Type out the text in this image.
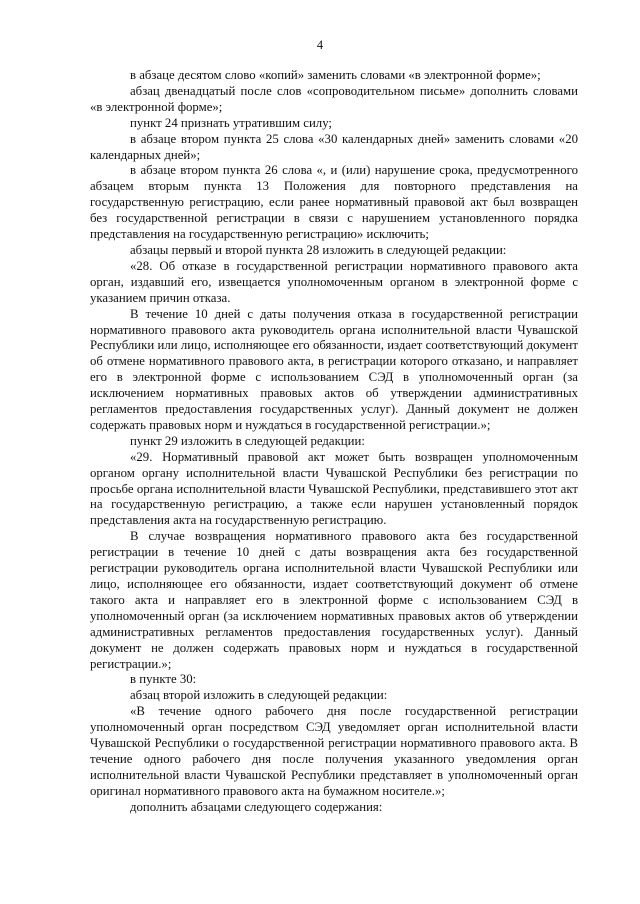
4

в абзаце десятом слово «копий» заменить словами «в электронной форме»;

абзац двенадцатый после слов «сопроводительном письме» дополнить словами «в электронной форме»;

пункт 24 признать утратившим силу;

в абзаце втором пункта 25 слова «30 календарных дней» заменить словами «20 календарных дней»;

в абзаце втором пункта 26 слова «, и (или) нарушение срока, предусмотренного абзацем вторым пункта 13 Положения для повторного представления на государственную регистрацию, если ранее нормативный правовой акт был возвращен без государственной регистрации в связи с нарушением установленного порядка представления на государственную регистрацию» исключить;

абзацы первый и второй пункта 28 изложить в следующей редакции:

«28. Об отказе в государственной регистрации нормативного правового акта орган, издавший его, извещается уполномоченным органом в электронной форме с указанием причин отказа.

В течение 10 дней с даты получения отказа в государственной регистрации нормативного правового акта руководитель органа исполнительной власти Чувашской Республики или лицо, исполняющее его обязанности, издает соответствующий документ об отмене нормативного правового акта, в регистрации которого отказано, и направляет его в электронной форме с использованием СЭД в уполномоченный орган (за исключением нормативных правовых актов об утверждении административных регламентов предоставления государственных услуг). Данный документ не должен содержать правовых норм и нуждаться в государственной регистрации.»;

пункт 29 изложить в следующей редакции:

«29. Нормативный правовой акт может быть возвращен уполномоченным органом органу исполнительной власти Чувашской Республики без регистрации по просьбе органа исполнительной власти Чувашской Республики, представившего этот акт на государственную регистрацию, а также если нарушен установленный порядок представления акта на государственную регистрацию.

В случае возвращения нормативного правового акта без государственной регистрации в течение 10 дней с даты возвращения акта без государственной регистрации руководитель органа исполнительной власти Чувашской Республики или лицо, исполняющее его обязанности, издает соответствующий документ об отмене такого акта и направляет его в электронной форме с использованием СЭД в уполномоченный орган (за исключением нормативных правовых актов об утверждении административных регламентов предоставления государственных услуг). Данный документ не должен содержать правовых норм и нуждаться в государственной регистрации.»;

в пункте 30:

абзац второй изложить в следующей редакции:

«В течение одного рабочего дня после государственной регистрации уполномоченный орган посредством СЭД уведомляет орган исполнительной власти Чувашской Республики о государственной регистрации нормативного правового акта. В течение одного рабочего дня после получения указанного уведомления орган исполнительной власти Чувашской Республики представляет в уполномоченный орган оригинал нормативного правового акта на бумажном носителе.»;

дополнить абзацами следующего содержания:
